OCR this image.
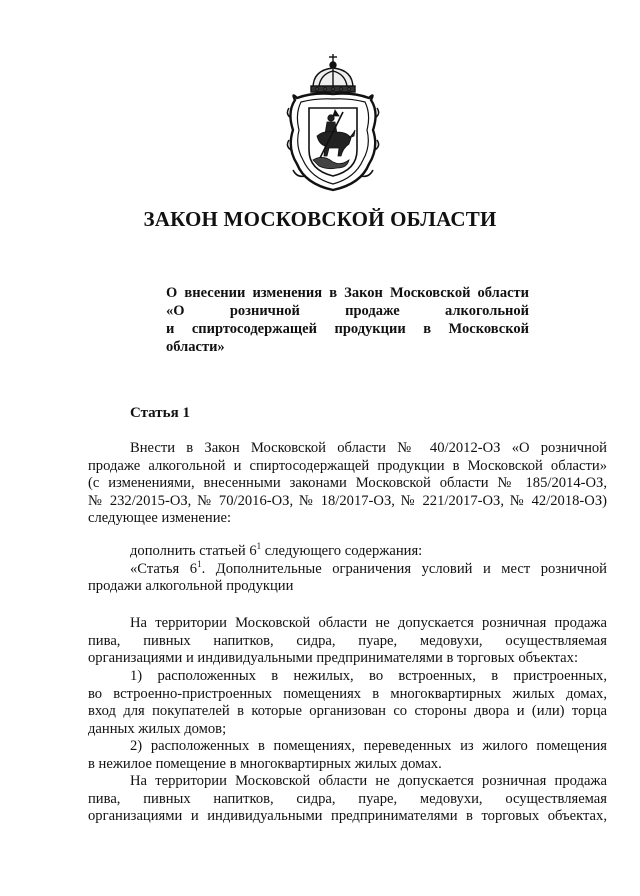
ЗАКОН МОСКОВСКОЙ ОБЛАСТИ
О внесении изменения в Закон Московской области
«О розничной продаже алкогольной
и спиртосодержащей продукции в Московской
области»
Статья 1

Внести в Закон Московской области № 40/2012-ОЗ «О розничной

продаже алкогольной и спиртосодержащей продукции в Московской области»

(с изменениями, внесенными законами Московской области № 185/2014-ОЗ,

№ 232/2015-ОЗ, № 70/2016-ОЗ, № 18/2017-ОЗ, № 221/2017-ОЗ, № 42/2018-ОЗ)

следующее изменение:

дополнить статьей $6^1$ следующего содержания:

«Статья $6^1$. Дополнительные ограничения условий и мест розничной

продажи алкогольной продукции

На территории Московской области не допускается розничная продажа

пива, пивных напитков, сидра, пуаре, медовухи, осуществляемая

организациями и индивидуальными предпринимателями в торговых объектах:

1) расположенных в нежилых, во встроенных, в пристроенных,

во встроенно-пристроенных помещениях в многоквартирных жилых домах,

вход для покупателей в которые организован со стороны двора и (или) торца

данных жилых домов;

2) расположенных в помещениях, переведенных из жилого помещения

в нежилое помещение в многоквартирных жилых домах.

На территории Московской области не допускается розничная продажа

пива, пивных напитков, сидра, пуаре, медовухи, осуществляемая

организациями и индивидуальными предпринимателями в торговых объектах,
